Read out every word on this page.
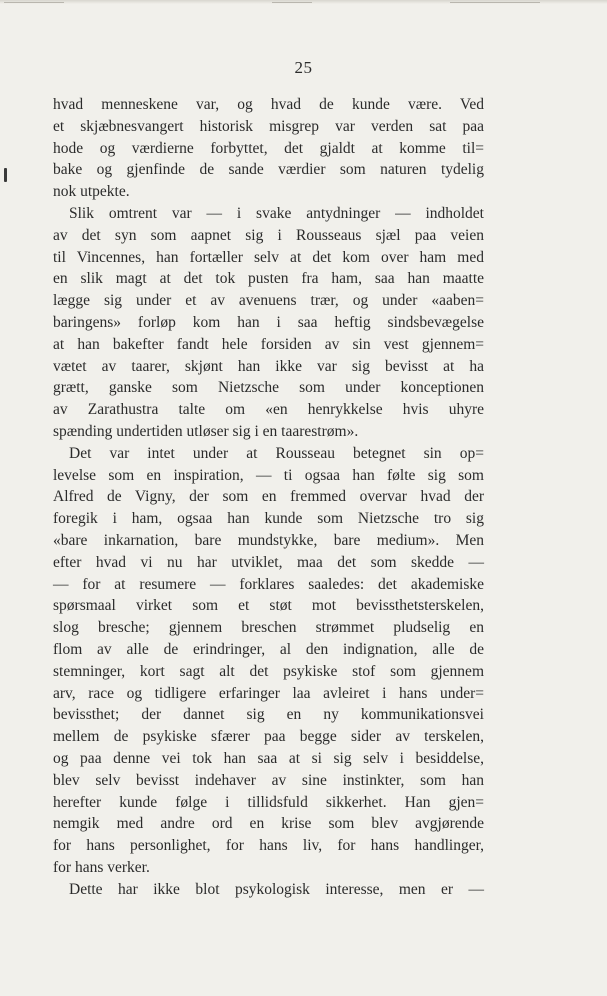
25
hvad menneskene var, og hvad de kunde være. Ved
et skjæbnesvangert historisk misgrep var verden sat paa
hode og værdierne forbyttet, det gjaldt at komme til=
bake og gjenfinde de sande værdier som naturen tydelig
nok utpekte.
Slik omtrent var — i svake antydninger — indholdet
av det syn som aapnet sig i Rousseaus sjæl paa veien
til Vincennes, han fortæller selv at det kom over ham med
en slik magt at det tok pusten fra ham, saa han maatte
lægge sig under et av avenuens trær, og under «aaben=
baringens» forløp kom han i saa heftig sindsbevægelse
at han bakefter fandt hele forsiden av sin vest gjennem=
vætet av taarer, skjønt han ikke var sig bevisst at ha
grætt, ganske som Nietzsche som under konceptionen
av Zarathustra talte om «en henrykkelse hvis uhyre
spænding undertiden utløser sig i en taarestrøm».
Det var intet under at Rousseau betegnet sin op=
levelse som en inspiration, — ti ogsaa han følte sig som
Alfred de Vigny, der som en fremmed overvar hvad der
foregik i ham, ogsaa han kunde som Nietzsche tro sig
«bare inkarnation, bare mundstykke, bare medium». Men
efter hvad vi nu har utviklet, maa det som skedde —
— for at resumere — forklares saaledes: det akademiske
spørsmaal virket som et støt mot bevissthetsterskelen,
slog bresche; gjennem breschen strømmet pludselig en
flom av alle de erindringer, al den indignation, alle de
stemninger, kort sagt alt det psykiske stof som gjennem
arv, race og tidligere erfaringer laa avleiret i hans under=
bevissthet; der dannet sig en ny kommunikationsvei
mellem de psykiske sfærer paa begge sider av terskelen,
og paa denne vei tok han saa at si sig selv i besiddelse,
blev selv bevisst indehaver av sine instinkter, som han
herefter kunde følge i tillidsfuld sikkerhet. Han gjen=
nemgik med andre ord en krise som blev avgjørende
for hans personlighet, for hans liv, for hans handlinger,
for hans verker.
Dette har ikke blot psykologisk interesse, men er —
